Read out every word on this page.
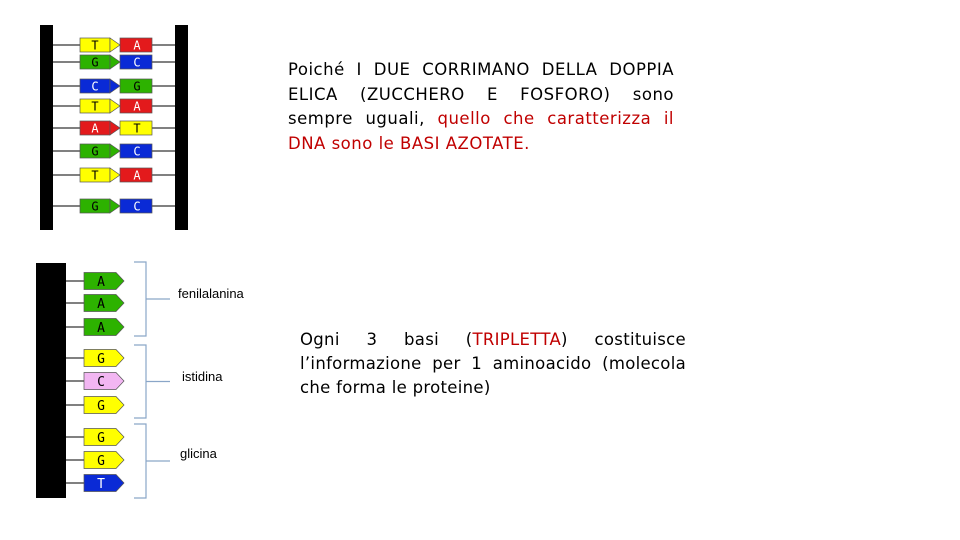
T	A
G	C
C	G
T	A
A	T
G	C
T	A
G	C
A
A
A
G
C
G
G
G
T
fenilalanina
istidina
glicina
Poiché I DUE CORRIMANO DELLA DOPPIA ELICA (ZUCCHERO E FOSFORO) sono sempre uguali, quello che caratterizza il DNA sono le BASI AZOTATE.
Ogni 3 basi (TRIPLETTA) costituisce l’informazione per 1 aminoacido (molecola che forma le proteine)
